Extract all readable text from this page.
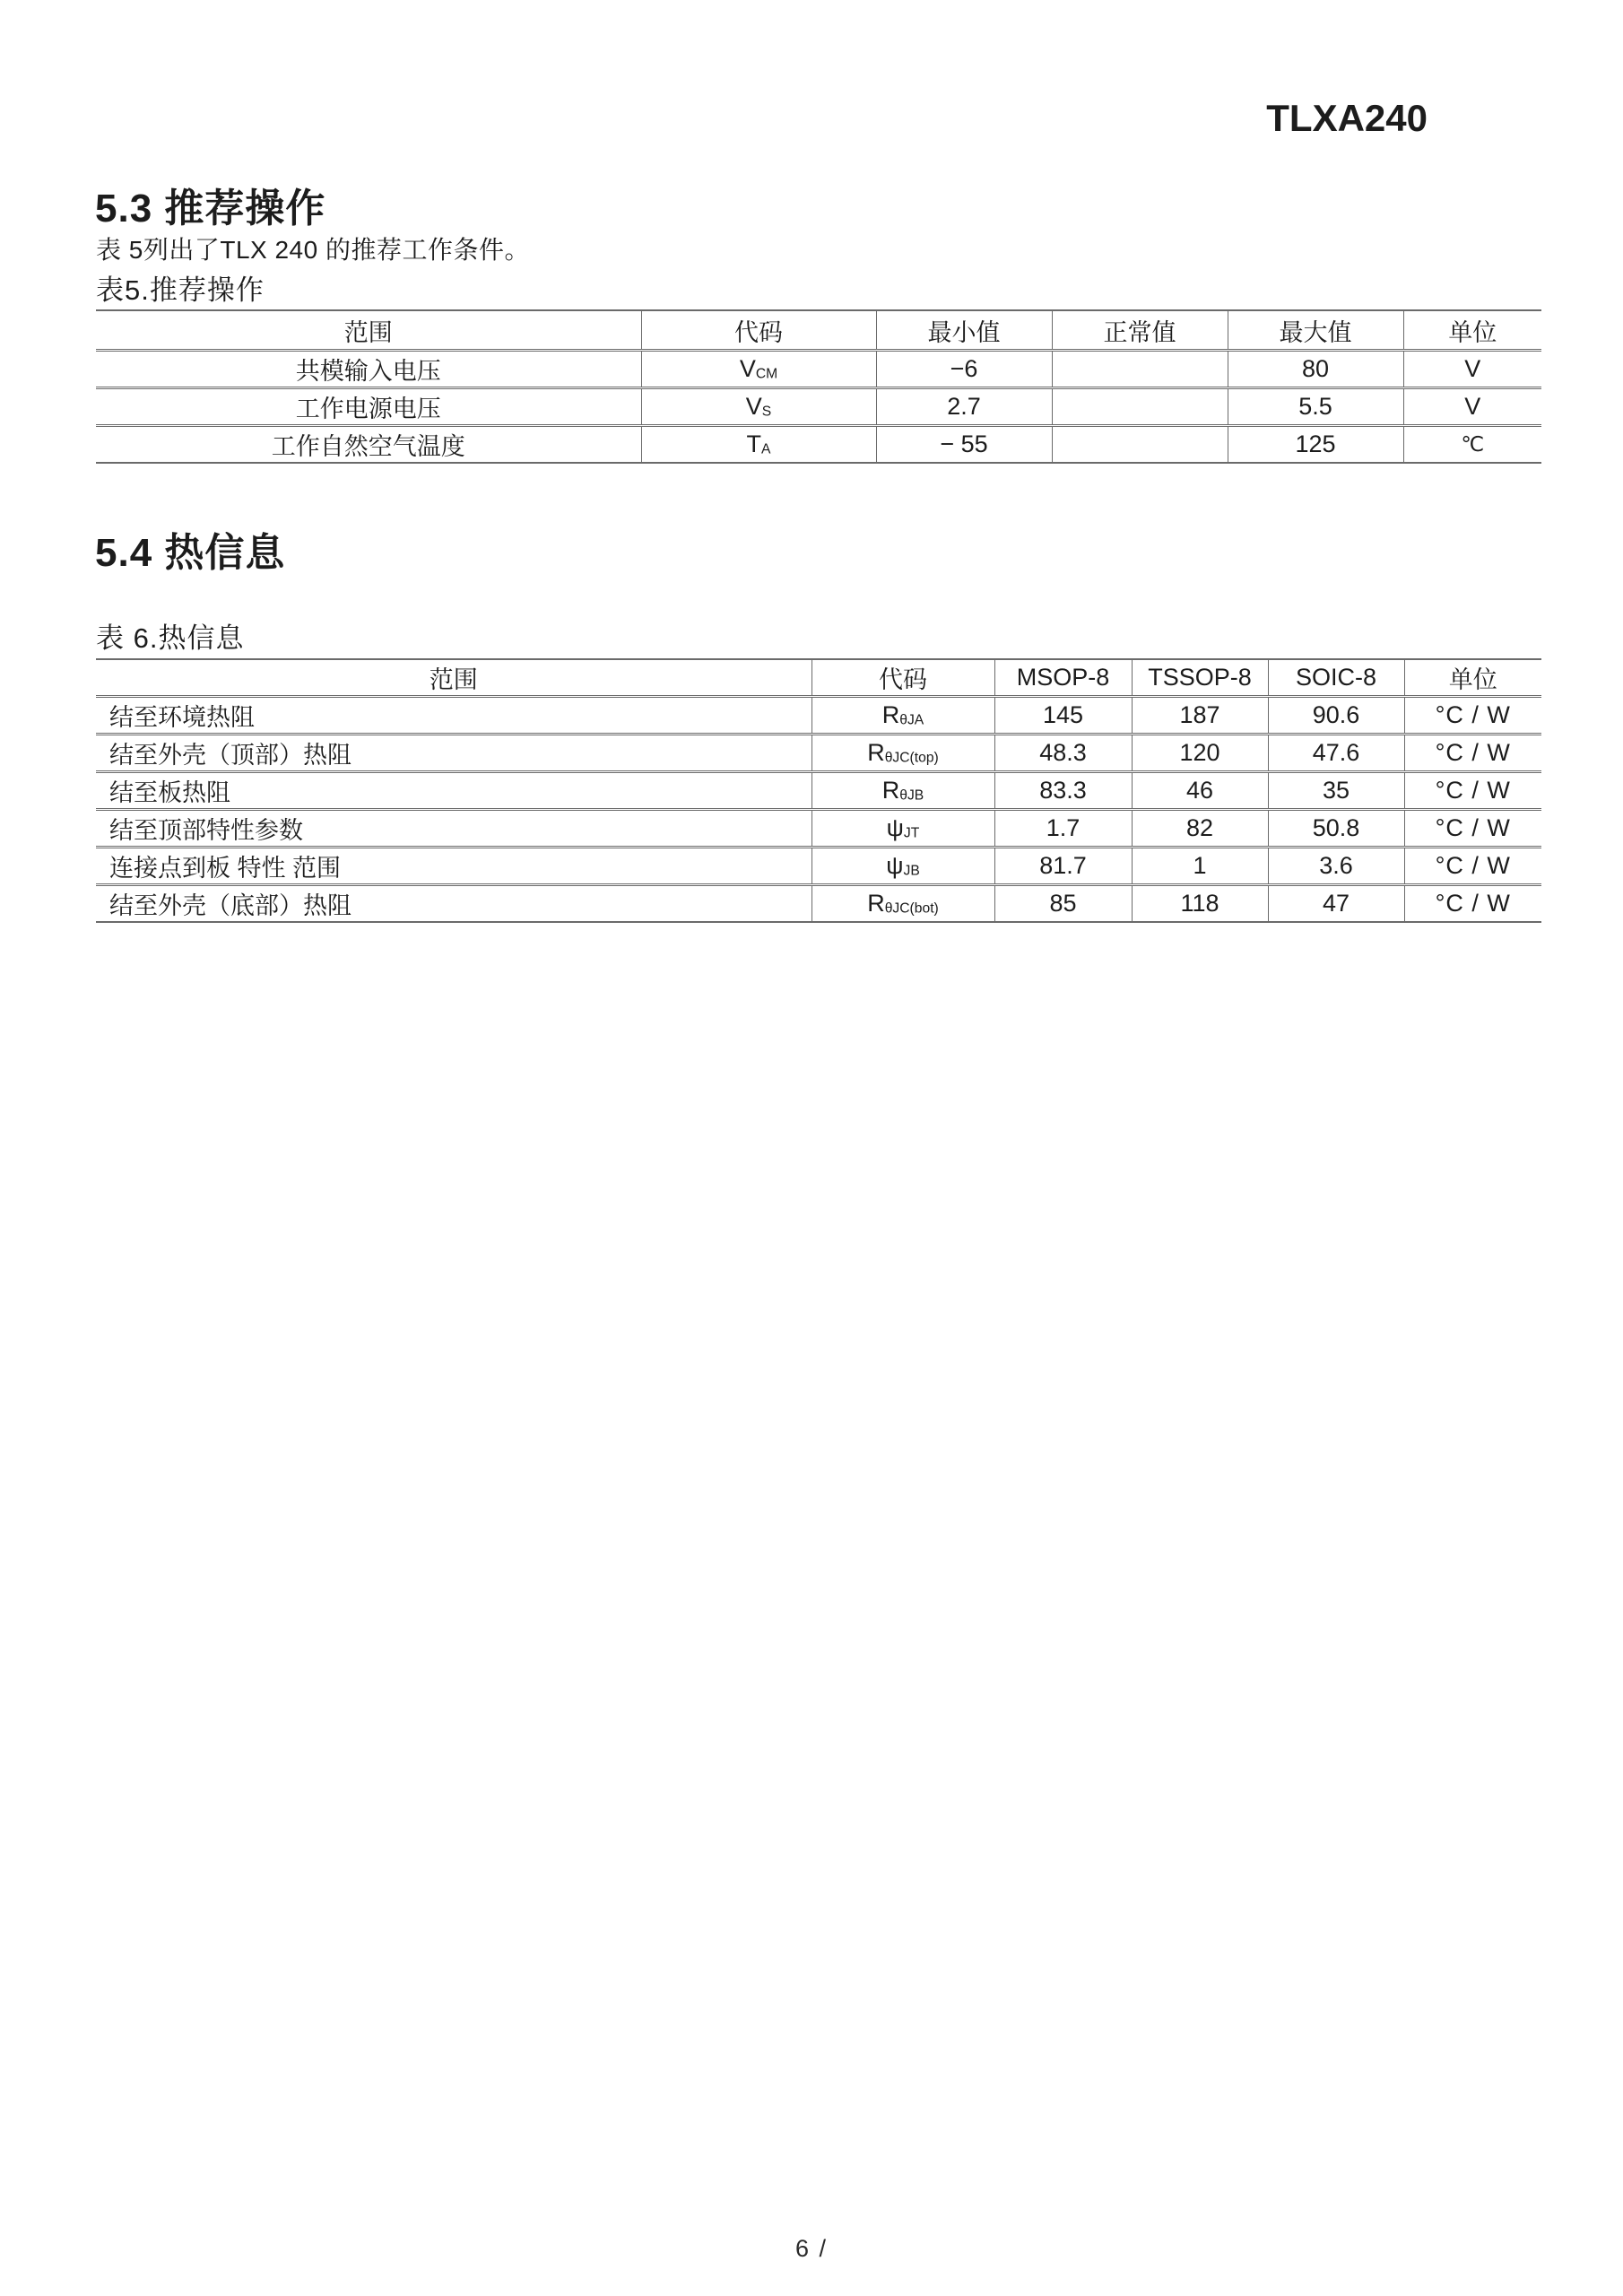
TLXA240
5.3 推荐操作

表 5列出了TLX 240 的推荐工作条件。

表5.推荐操作

范围	代码	最小值	正常值	最大值	单位
共模输入电压	$V_{CM}$	−6		80	V
工作电源电压	$V_S$	2.7		5.5	V
工作自然空气温度	$T_A$	− 55		125	℃
5.4 热信息

表 6.热信息

范围	代码	MSOP-8	TSSOP-8	SOIC-8	单位
结至环境热阻	$R_{\theta JA}$	145	187	90.6	°C / W
结至外壳（顶部）热阻	$R_{\theta JC(top)}$	48.3	120	47.6	°C / W
结至板热阻	$R_{\theta JB}$	83.3	46	35	°C / W
结至顶部特性参数	$\psi_{JT}$	1.7	82	50.8	°C / W
连接点到板 特性 范围	$\psi_{JB}$	81.7	1	3.6	°C / W
结至外壳（底部）热阻	$R_{\theta JC(bot)}$	85	118	47	°C / W
6 /
